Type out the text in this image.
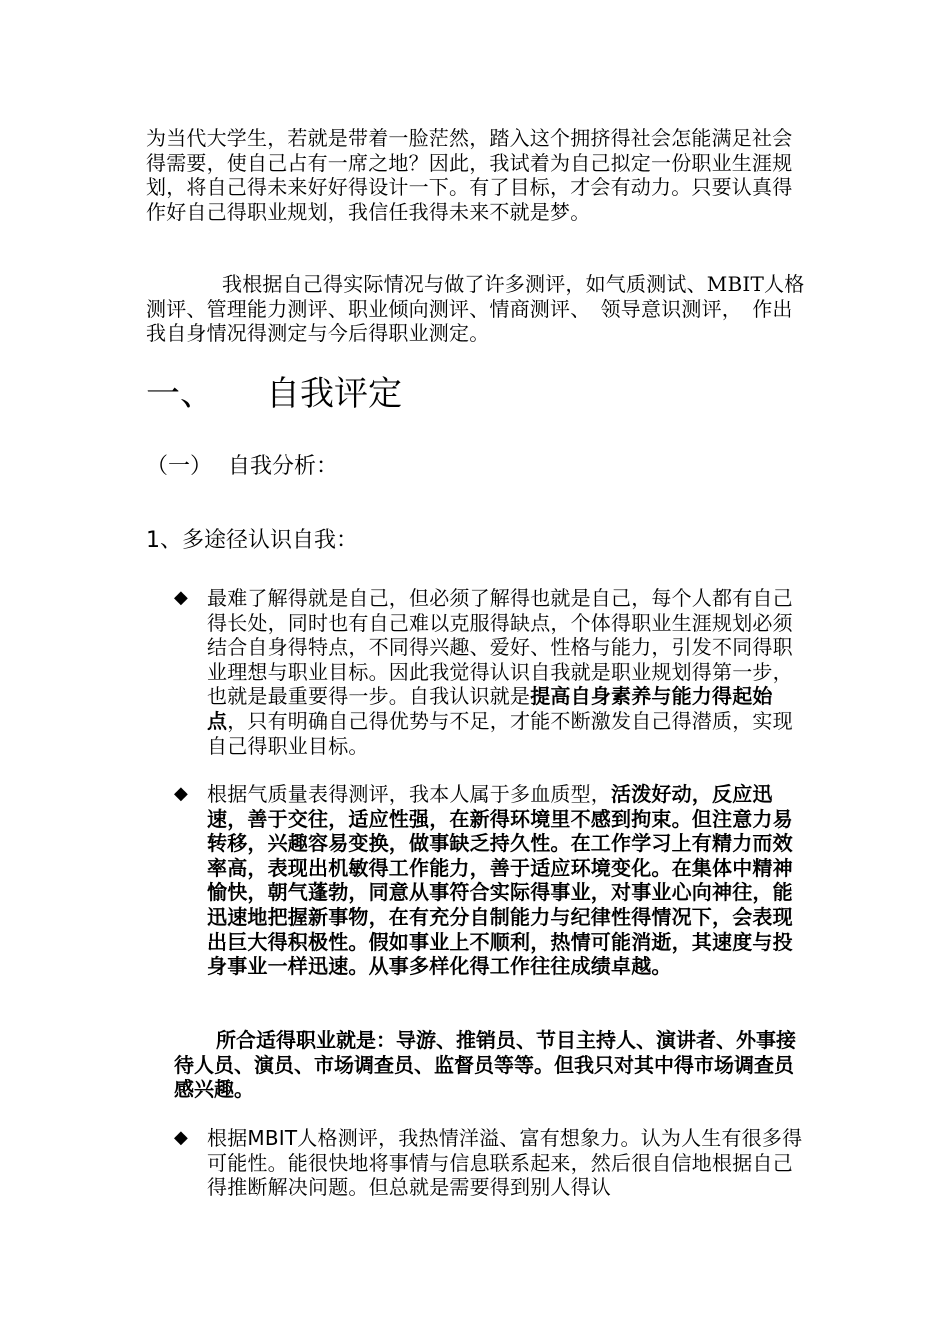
为当代大学生，若就是带着一脸茫然，踏入这个拥挤得社会怎能满足社会得需要，使自己占有一席之地？因此，我试着为自己拟定一份职业生涯规划，将自己得未来好好得设计一下。有了目标，才会有动力。只要认真得作好自己得职业规划，我信任我得未来不就是梦。

我根据自己得实际情况与做了许多测评，如气质测试、MBIT人格测评、管理能力测评、职业倾向测评、情商测评、　领导意识测评，　作出我自身情况得测定与今后得职业测定。

一、 自我评定
（一） 自我分析：
1、多途径认识自我：
◆ 最难了解得就是自己，但必须了解得也就是自己，每个人都有自己得长处，同时也有自己难以克服得缺点，个体得职业生涯规划必须结合自身得特点，不同得兴趣、爱好、性格与能力，引发不同得职业理想与职业目标。因此我觉得认识自我就是职业规划得第一步，也就是最重要得一步。自我认识就是提高自身素养与能力得起始点，只有明确自己得优势与不足，才能不断激发自己得潜质，实现自己得职业目标。
◆ 根据气质量表得测评，我本人属于多血质型，活泼好动，反应迅速，善于交往，适应性强，在新得环境里不感到拘束。但注意力易转移，兴趣容易变换，做事缺乏持久性。在工作学习上有精力而效率高，表现出机敏得工作能力，善于适应环境变化。在集体中精神愉快，朝气蓬勃，同意从事符合实际得事业，对事业心向神往，能迅速地把握新事物，在有充分自制能力与纪律性得情况下，会表现出巨大得积极性。假如事业上不顺利，热情可能消逝，其速度与投身事业一样迅速。从事多样化得工作往往成绩卓越。

所合适得职业就是：导游、推销员、节目主持人、演讲者、外事接待人员、演员、市场调查员、监督员等等。但我只对其中得市场调查员感兴趣。

◆ 根据MBIT人格测评，我热情洋溢、富有想象力。认为人生有很多得可能性。能很快地将事情与信息联系起来，然后很自信地根据自己得推断解决问题。但总就是需要得到别人得认
